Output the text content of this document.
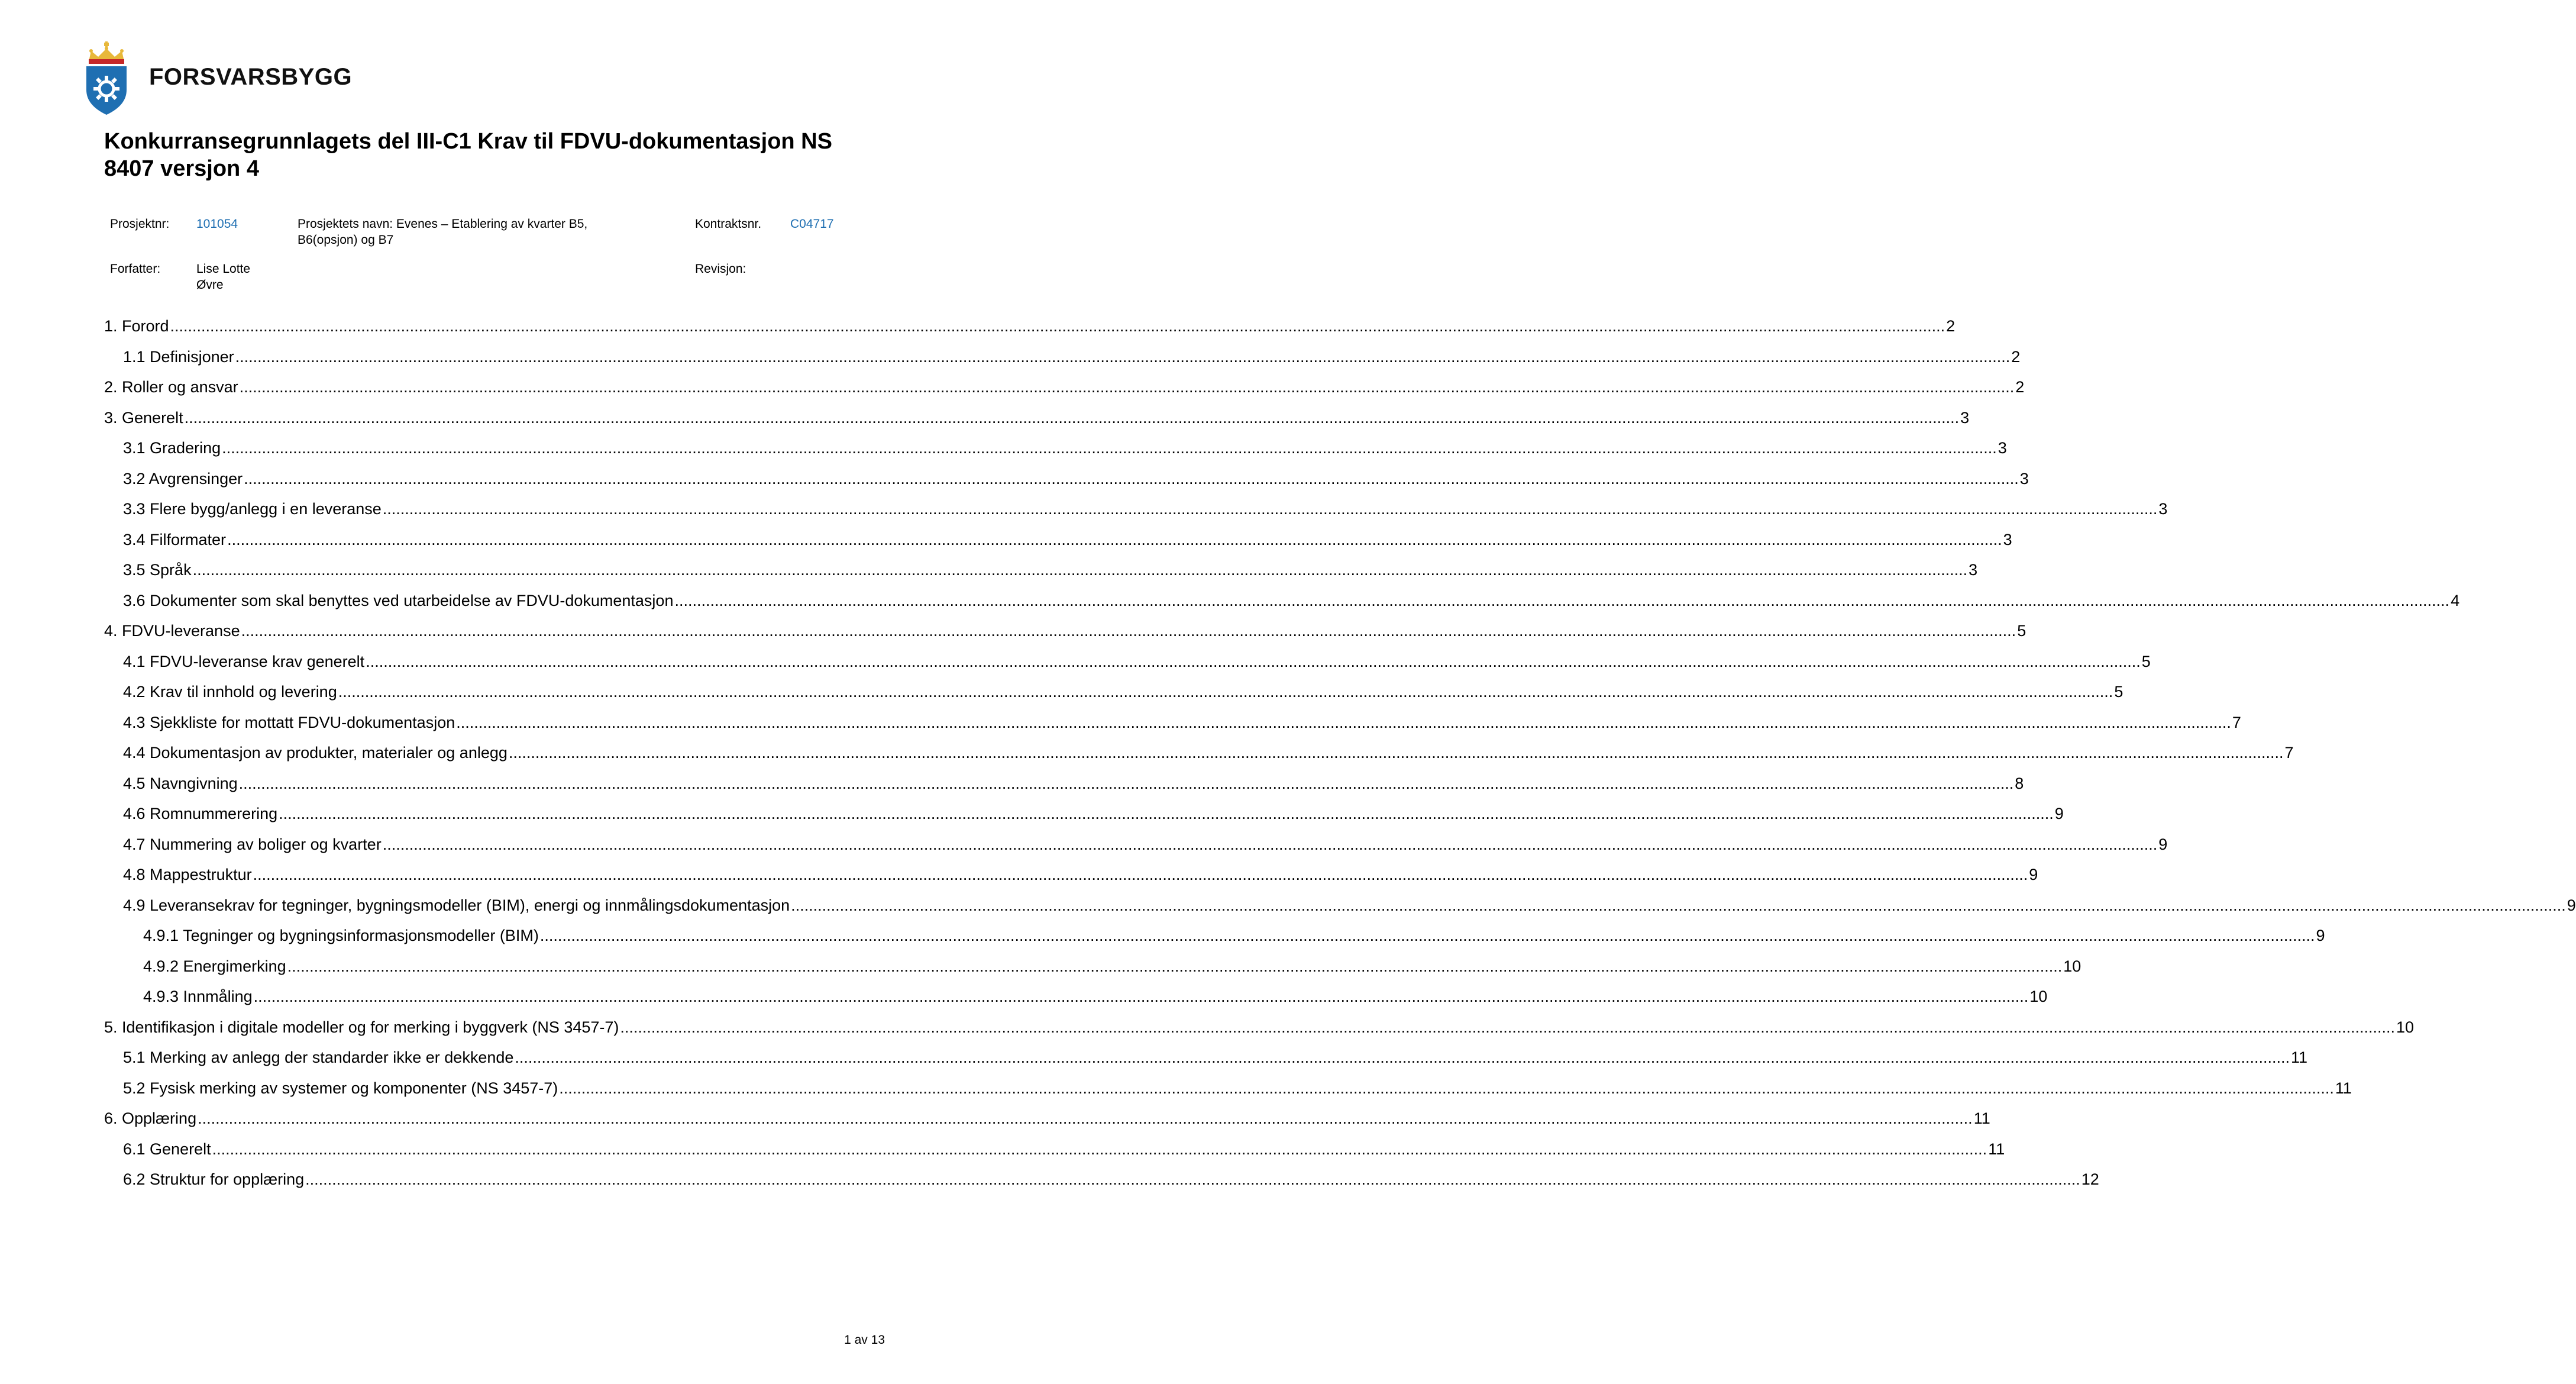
FORSVARSBYGG
Konkurransegrunnlagets del III-C1 Krav til FDVU-dokumentasjon NS 8407 versjon 4
Prosjektnr: 101054	Prosjektets navn: Evenes – Etablering av kvarter B5,
B6(opsjon) og B7
Kontraktsnr. C04717
Forfatter:	Lise Lotte
Øvre
Revisjon:
1. Forord ................................................................................................................................................................................................................................................................................................................................................................................................................ 2
1.1 Definisjoner ................................................................................................................................................................................................................................................................................................................................................................................................................ 2
2. Roller og ansvar ................................................................................................................................................................................................................................................................................................................................................................................................................ 2
3. Generelt ................................................................................................................................................................................................................................................................................................................................................................................................................ 3
3.1 Gradering ................................................................................................................................................................................................................................................................................................................................................................................................................ 3
3.2 Avgrensinger ................................................................................................................................................................................................................................................................................................................................................................................................................ 3
3.3 Flere bygg/anlegg i en leveranse ................................................................................................................................................................................................................................................................................................................................................................................................................ 3
3.4 Filformater ................................................................................................................................................................................................................................................................................................................................................................................................................ 3
3.5 Språk ................................................................................................................................................................................................................................................................................................................................................................................................................ 3
3.6 Dokumenter som skal benyttes ved utarbeidelse av FDVU-dokumentasjon ................................................................................................................................................................................................................................................................................................................................................................................................................ 4
4. FDVU-leveranse ................................................................................................................................................................................................................................................................................................................................................................................................................ 5
4.1 FDVU-leveranse krav generelt ................................................................................................................................................................................................................................................................................................................................................................................................................ 5
4.2 Krav til innhold og levering ................................................................................................................................................................................................................................................................................................................................................................................................................ 5
4.3 Sjekkliste for mottatt FDVU-dokumentasjon ................................................................................................................................................................................................................................................................................................................................................................................................................ 7
4.4 Dokumentasjon av produkter, materialer og anlegg ................................................................................................................................................................................................................................................................................................................................................................................................................ 7
4.5 Navngivning ................................................................................................................................................................................................................................................................................................................................................................................................................ 8
4.6 Romnummerering ................................................................................................................................................................................................................................................................................................................................................................................................................ 9
4.7 Nummering av boliger og kvarter ................................................................................................................................................................................................................................................................................................................................................................................................................ 9
4.8 Mappestruktur ................................................................................................................................................................................................................................................................................................................................................................................................................ 9
4.9 Leveransekrav for tegninger, bygningsmodeller (BIM), energi og innmålingsdokumentasjon ................................................................................................................................................................................................................................................................................................................................................................................................................ 9
4.9.1 Tegninger og bygningsinformasjonsmodeller (BIM) ................................................................................................................................................................................................................................................................................................................................................................................................................ 9
4.9.2 Energimerking ................................................................................................................................................................................................................................................................................................................................................................................................................ 10
4.9.3 Innmåling ................................................................................................................................................................................................................................................................................................................................................................................................................ 10
5. Identifikasjon i digitale modeller og for merking i byggverk (NS 3457-7) ................................................................................................................................................................................................................................................................................................................................................................................................................ 10
5.1 Merking av anlegg der standarder ikke er dekkende ................................................................................................................................................................................................................................................................................................................................................................................................................ 11
5.2 Fysisk merking av systemer og komponenter (NS 3457-7) ................................................................................................................................................................................................................................................................................................................................................................................................................ 11
6. Opplæring ................................................................................................................................................................................................................................................................................................................................................................................................................ 11
6.1 Generelt ................................................................................................................................................................................................................................................................................................................................................................................................................ 11
6.2 Struktur for opplæring ................................................................................................................................................................................................................................................................................................................................................................................................................ 12
1 av 13
